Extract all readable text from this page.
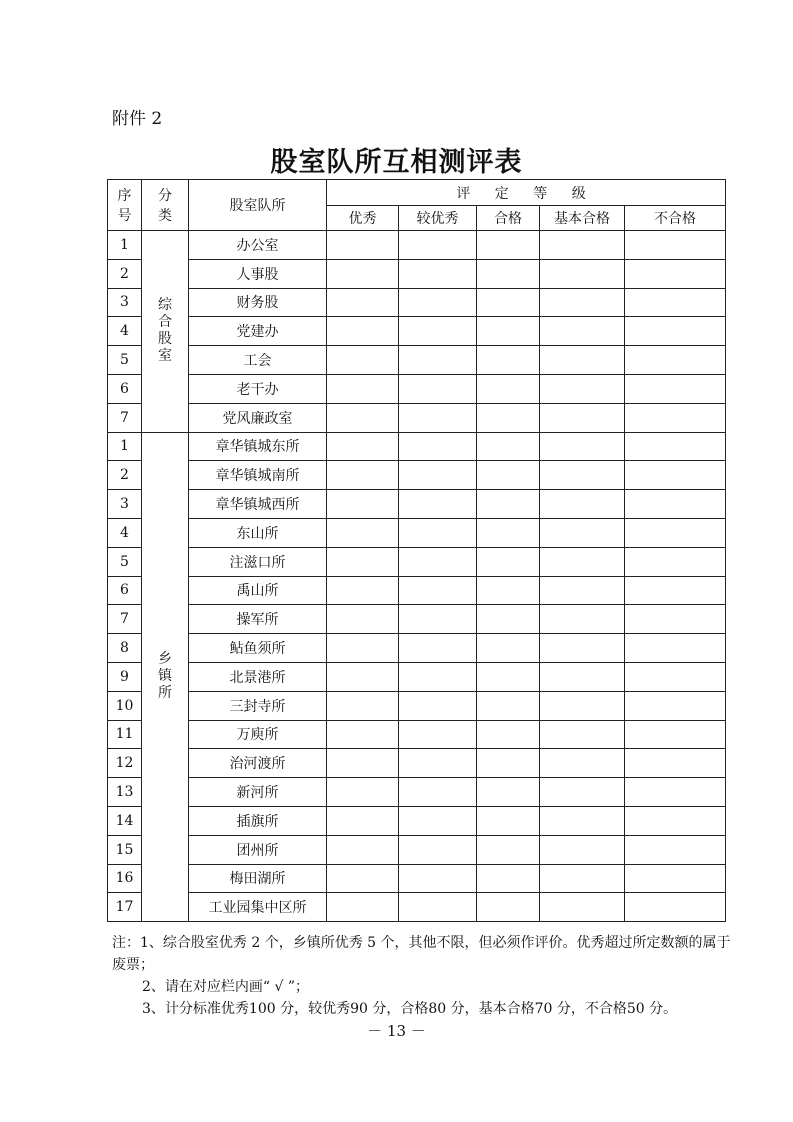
附件 2
股室队所互相测评表
序
号	分
类	股室队所	评 定 等 级				
			优秀	较优秀	合格	基本合格	不合格
1	综
合
股
室	办公室					
2		人事股					
3		财务股					
4		党建办					
5		工会					
6		老干办					
7		党风廉政室					
1	乡
镇
所	章华镇城东所					
2		章华镇城南所					
3		章华镇城西所					
4		东山所					
5		注滋口所					
6		禹山所					
7		操军所					
8		鲇鱼须所					
9		北景港所					
10		三封寺所					
11		万庾所					
12		治河渡所					
13		新河所					
14		插旗所					
15		团州所					
16		梅田湖所					
17		工业园集中区所					
注：1、综合股室优秀 2 个，乡镇所优秀 5 个，其他不限，但必须作评价。优秀超过所定数额的属于废票；
2、请在对应栏内画“ √ ”；
3、计分标准优秀100 分，较优秀90 分，合格80 分，基本合格70 分，不合格50 分。
－ 13 －
